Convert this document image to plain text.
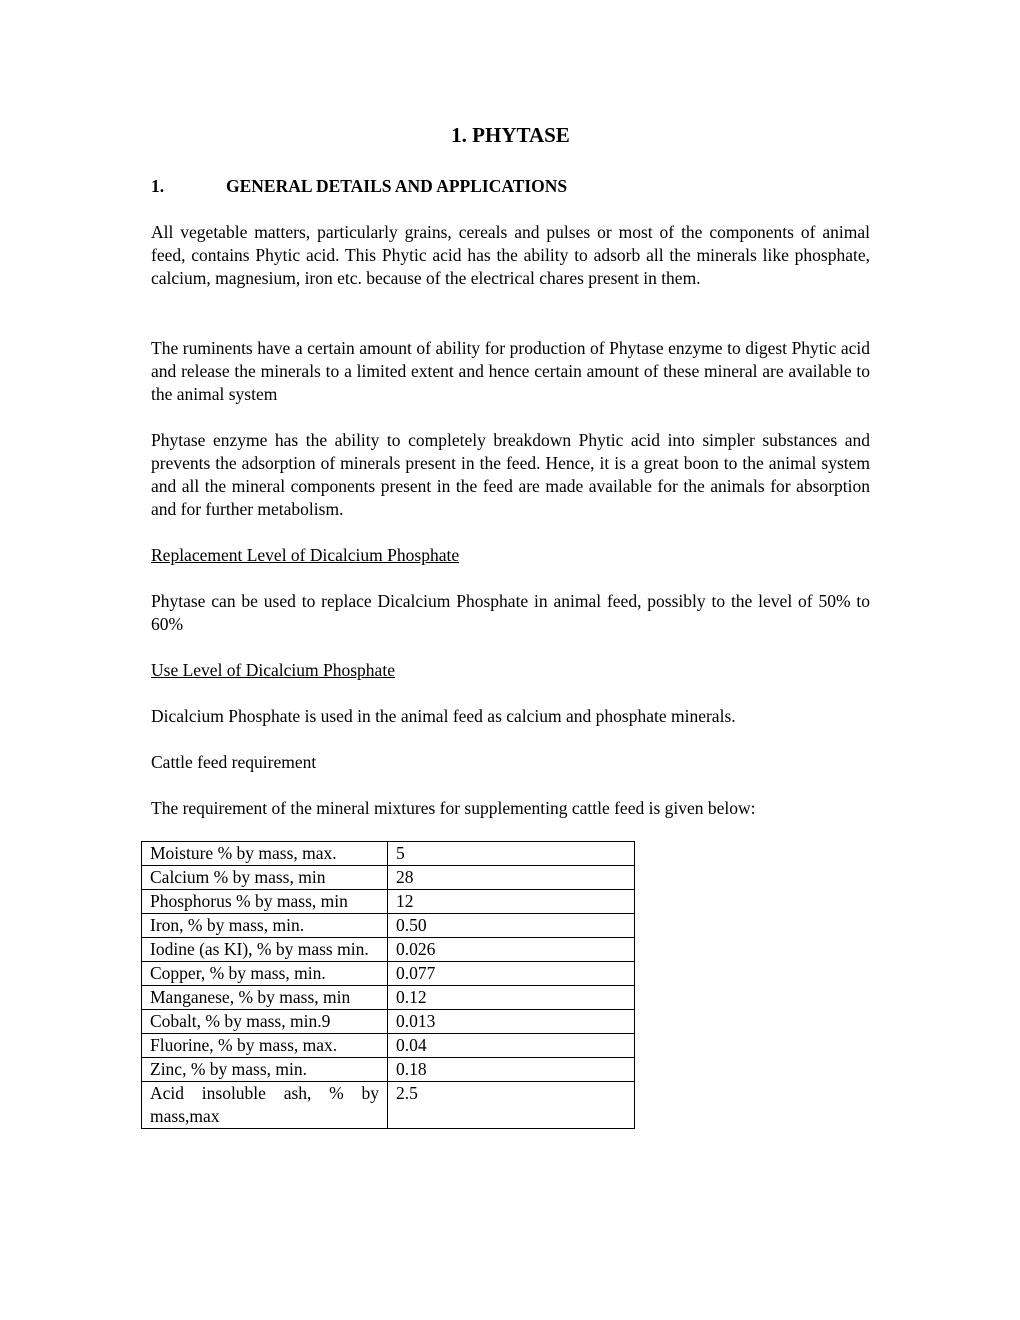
1. PHYTASE
1.	GENERAL DETAILS AND APPLICATIONS

All vegetable matters, particularly grains, cereals and pulses or most of the components of animal feed, contains Phytic acid. This Phytic acid has the ability to adsorb all the minerals like phosphate, calcium, magnesium, iron etc. because of the electrical chares present in them.

The ruminents have a certain amount of ability for production of Phytase enzyme to digest Phytic acid and release the minerals to a limited extent and hence certain amount of these mineral are available to the animal system

Phytase enzyme has the ability to completely breakdown Phytic acid into simpler substances and prevents the adsorption of minerals present in the feed. Hence, it is a great boon to the animal system and all the mineral components present in the feed are made available for the animals for absorption and for further metabolism.

Replacement Level of Dicalcium Phosphate

Phytase can be used to replace Dicalcium Phosphate in animal feed, possibly to the level of 50% to 60%

Use Level of Dicalcium Phosphate

Dicalcium Phosphate is used in the animal feed as calcium and phosphate minerals.

Cattle feed requirement

The requirement of the mineral mixtures for supplementing cattle feed is given below:

Moisture % by mass, max.	5
Calcium % by mass, min	28
Phosphorus % by mass, min	12
Iron, % by mass, min.	0.50
Iodine (as KI), % by mass min.	0.026
Copper, % by mass, min.	0.077
Manganese, % by mass, min	0.12
Cobalt, % by mass, min.9	0.013
Fluorine, % by mass, max.	0.04
Zinc, % by mass, min.	0.18
Acid insoluble ash, % by mass,max	2.5
